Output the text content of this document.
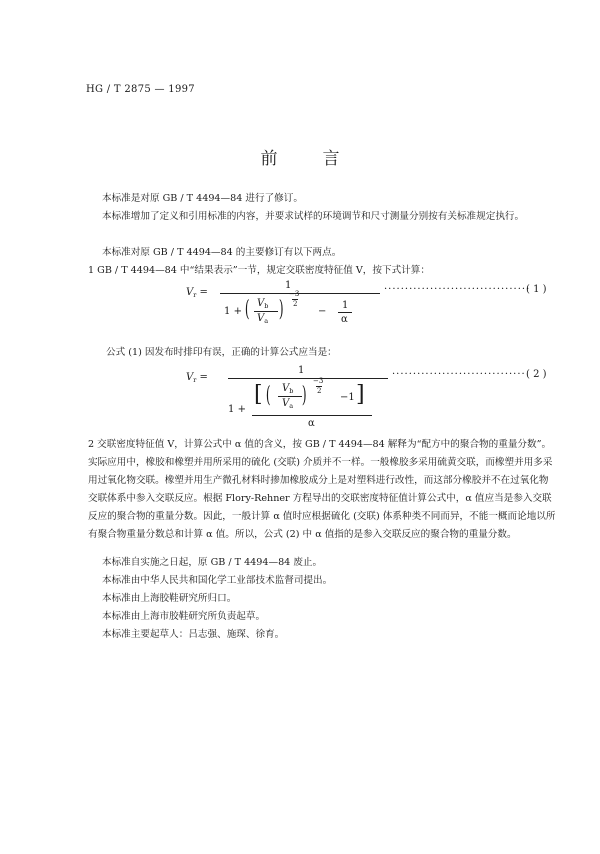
HG / T 2875 — 1997
前　言
本标准是对原 GB / T 4494—84 进行了修订。
本标准增加了定义和引用标准的内容，并要求试样的环境调节和尺寸测量分别按有关标准规定执行。
本标准对原 GB / T 4494—84 的主要修订有以下两点。
1 GB / T 4494—84 中“结果表示”一节，规定交联密度特征值 V，按下式计算：
$V_r$ =
1
1 + ( $V_b$
$V_a$ )
−3
2
−
1
α
···································
( 1 )
公式 (1) 因发布时排印有误，正确的计算公式应当是：
$V_r$ =
1
1 +
[ ( $V_b$
$V_a$ )
−3
2
−1 ]
α
································ ( 2 )
2 交联密度特征值 V，计算公式中 α 值的含义，按 GB / T 4494—84 解释为“配方中的聚合物的重量分数”。实际应用中，橡胶和橡塑并用所采用的硫化 (交联) 介质并不一样。一般橡胶多采用硫黄交联，而橡塑并用多采用过氧化物交联。橡塑并用生产微孔材料时掺加橡胶成分上是对塑料进行改性，而这部分橡胶并不在过氧化物交联体系中参入交联反应。根据 Flory-Rehner 方程导出的交联密度特征值计算公式中，α 值应当是参入交联反应的聚合物的重量分数。因此，一般计算 α 值时应根据硫化 (交联) 体系种类不同而异，不能一概而论地以所有聚合物重量分数总和计算 α 值。所以，公式 (2) 中 α 值指的是参入交联反应的聚合物的重量分数。
本标准自实施之日起，原 GB / T 4494—84 废止。
本标准由中华人民共和国化学工业部技术监督司提出。
本标准由上海胶鞋研究所归口。
本标准由上海市胶鞋研究所负责起草。
本标准主要起草人：吕志强、施琛、徐育。
